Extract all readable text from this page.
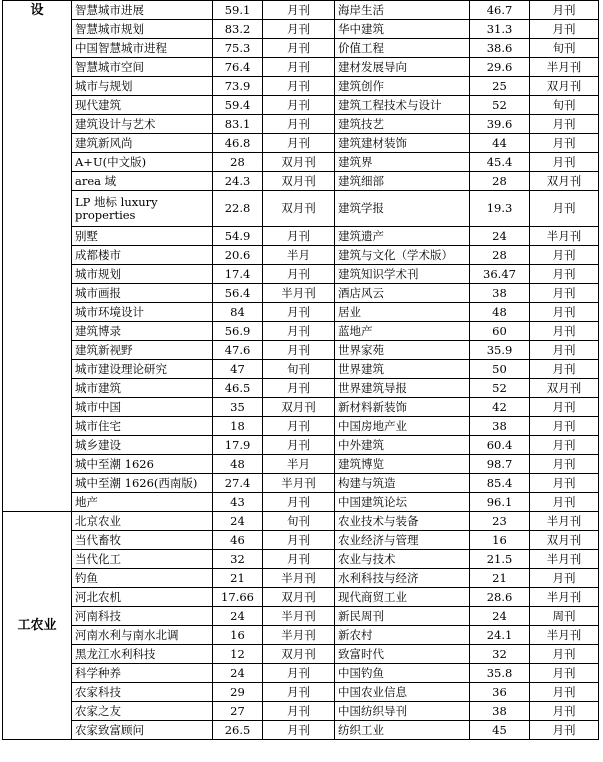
设	智慧城市进展	59.1	月刊	海岸生活	46.7	月刊
	智慧城市规划	83.2	月刊	华中建筑	31.3	月刊
	中国智慧城市进程	75.3	月刊	价值工程	38.6	旬刊
	智慧城市空间	76.4	月刊	建材发展导向	29.6	半月刊
	城市与规划	73.9	月刊	建筑创作	25	双月刊
	现代建筑	59.4	月刊	建筑工程技术与设计	52	旬刊
	建筑设计与艺术	83.1	月刊	建筑技艺	39.6	月刊
	建筑新风尚	46.8	月刊	建筑建材装饰	44	月刊
	A+U(中文版)	28	双月刊	建筑界	45.4	月刊
	area 域	24.3	双月刊	建筑细部	28	双月刊
	LP 地标 luxury properties	22.8	双月刊	建筑学报	19.3	月刊
	别墅	54.9	月刊	建筑遗产	24	半月刊
	成都楼市	20.6	半月	建筑与文化（学术版）	28	月刊
	城市规划	17.4	月刊	建筑知识学术刊	36.47	月刊
	城市画报	56.4	半月刊	酒店风云	38	月刊
	城市环境设计	84	月刊	居业	48	月刊
	建筑博录	56.9	月刊	蓝地产	60	月刊
	建筑新视野	47.6	月刊	世界家苑	35.9	月刊
	城市建设理论研究	47	旬刊	世界建筑	50	月刊
	城市建筑	46.5	月刊	世界建筑导报	52	双月刊
	城市中国	35	双月刊	新材料新装饰	42	月刊
	城市住宅	18	月刊	中国房地产业	38	月刊
	城乡建设	17.9	月刊	中外建筑	60.4	月刊
	城中至潮 1626	48	半月	建筑博览	98.7	月刊
	城中至潮 1626(西南版)	27.4	半月刊	构建与筑造	85.4	月刊
	地产	43	月刊	中国建筑论坛	96.1	月刊
工农业	北京农业	24	旬刊	农业技术与装备	23	半月刊
	当代畜牧	46	月刊	农业经济与管理	16	双月刊
	当代化工	32	月刊	农业与技术	21.5	半月刊
	钓鱼	21	半月刊	水利科技与经济	21	月刊
	河北农机	17.66	双月刊	现代商贸工业	28.6	半月刊
	河南科技	24	半月刊	新民周刊	24	周刊
	河南水利与南水北调	16	半月刊	新农村	24.1	半月刊
	黑龙江水利科技	12	双月刊	致富时代	32	月刊
	科学种养	24	月刊	中国钓鱼	35.8	月刊
	农家科技	29	月刊	中国农业信息	36	月刊
	农家之友	27	月刊	中国纺织导刊	38	月刊
	农家致富顾问	26.5	月刊	纺织工业	45	月刊
